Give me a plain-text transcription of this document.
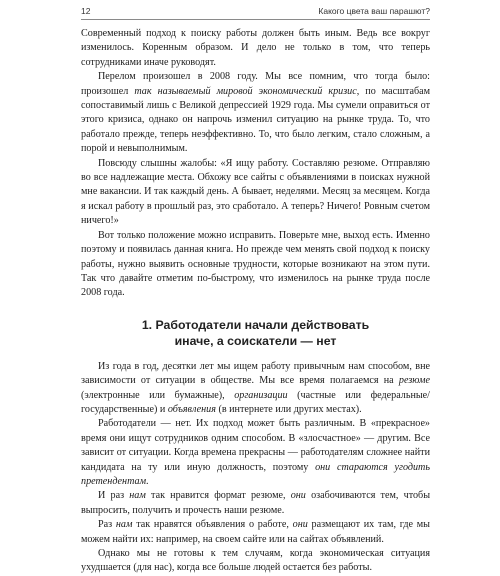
12	Какого цвета ваш парашют?

Современный подход к поиску работы должен быть иным. Ведь все вокруг изменилось. Коренным образом. И дело не только в том, что теперь сотрудниками иначе руководят.

Перелом произошел в 2008 году. Мы все помним, что тогда было: произошел так называемый мировой экономический кризис, по масштабам сопоставимый лишь с Великой депрессией 1929 года. Мы сумели оправиться от этого кризиса, однако он напрочь изменил ситуацию на рынке труда. То, что работало прежде, теперь неэффективно. То, что было легким, стало сложным, а порой и невыполнимым.

Повсюду слышны жалобы: «Я ищу работу. Составляю резюме. Отправляю во все надлежащие места. Обхожу все сайты с объявлениями в поисках нужной мне вакансии. И так каждый день. А бывает, неделями. Месяц за месяцем. Когда я искал работу в прошлый раз, это сработало. А теперь? Ничего! Ровным счетом ничего!»

Вот только положение можно исправить. Поверьте мне, выход есть. Именно поэтому и появилась данная книга. Но прежде чем менять свой подход к поиску работы, нужно выявить основные трудности, которые возникают на этом пути. Так что давайте отметим по-быстрому, что изменилось на рынке труда после 2008 года.

1. Работодатели начали действовать
иначе, а соискатели — нет

Из года в год, десятки лет мы ищем работу привычным нам способом, вне зависимости от ситуации в обществе. Мы все время полагаемся на резюме (электронные или бумажные), организации (частные или федеральные/государственные) и объявления (в интернете или других местах).

Работодатели — нет. Их подход может быть различным. В «прекрасное» время они ищут сотрудников одним способом. В «злосчастное» — другим. Все зависит от ситуации. Когда времена прекрасны — работодателям сложнее найти кандидата на ту или иную должность, поэтому они стараются угодить претендентам.

И раз нам так нравится формат резюме, они озабочиваются тем, чтобы выпросить, получить и прочесть наши резюме.

Раз нам так нравятся объявления о работе, они размещают их там, где мы можем найти их: например, на своем сайте или на сайтах объявлений.

Однако мы не готовы к тем случаям, когда экономическая ситуация ухудшается (для нас), когда все больше людей остается без работы.
